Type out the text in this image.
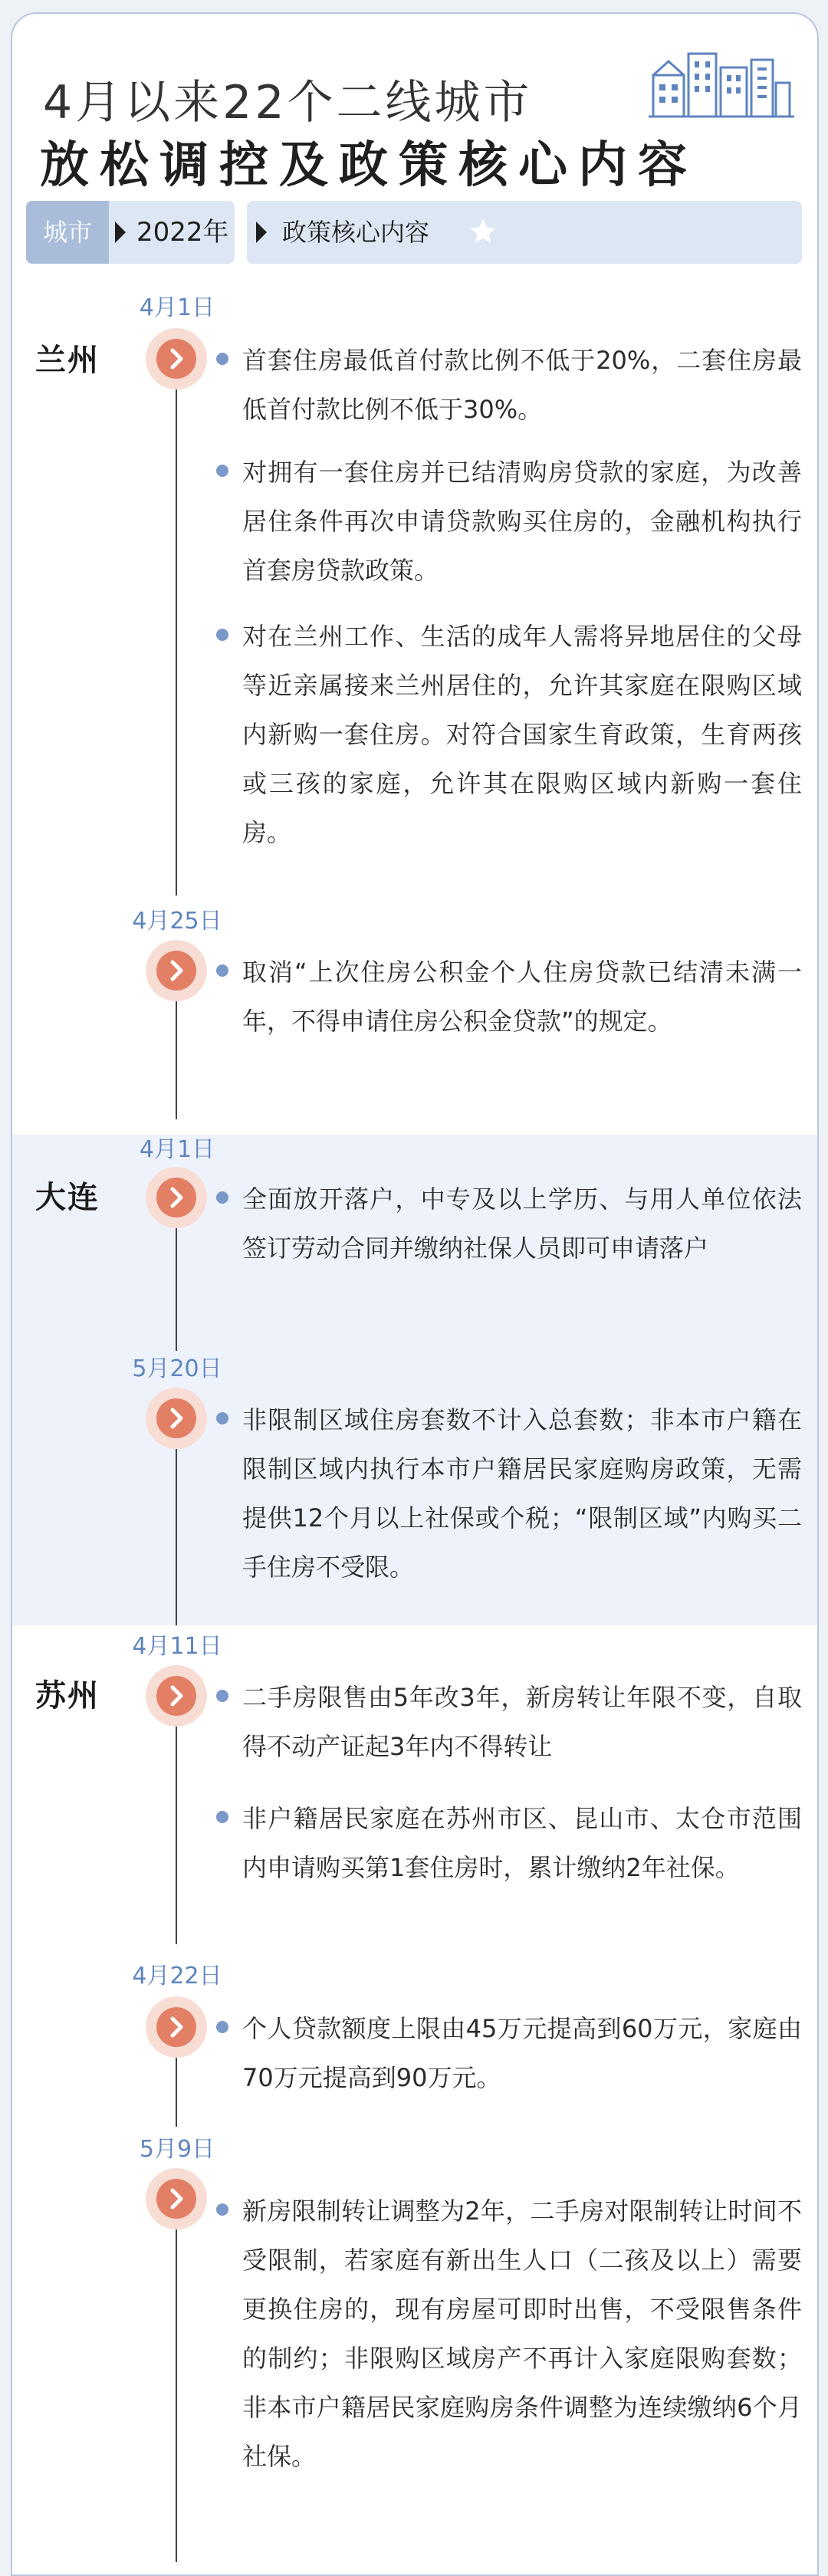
4月以来22个二线城市
放松调控及政策核心内容
城市	2022年	政策核心内容
兰州
4月1日
首套住房最低首付款比例不低于20%，二套住房最低首付款比例不低于30%。
对拥有一套住房并已结清购房贷款的家庭，为改善居住条件再次申请贷款购买住房的，金融机构执行首套房贷款政策。
对在兰州工作、生活的成年人需将异地居住的父母等近亲属接来兰州居住的，允许其家庭在限购区域内新购一套住房。对符合国家生育政策，生育两孩或三孩的家庭，允许其在限购区域内新购一套住房。
4月25日
取消“上次住房公积金个人住房贷款已结清未满一年，不得申请住房公积金贷款”的规定。
大连
4月1日
全面放开落户，中专及以上学历、与用人单位依法签订劳动合同并缴纳社保人员即可申请落户
5月20日
非限制区域住房套数不计入总套数；非本市户籍在限制区域内执行本市户籍居民家庭购房政策，无需提供12个月以上社保或个税；“限制区域”内购买二手住房不受限。
苏州
4月11日
二手房限售由5年改3年，新房转让年限不变，自取得不动产证起3年内不得转让
非户籍居民家庭在苏州市区、昆山市、太仓市范围内申请购买第1套住房时，累计缴纳2年社保。
4月22日
个人贷款额度上限由45万元提高到60万元，家庭由70万元提高到90万元。
5月9日
新房限制转让调整为2年，二手房对限制转让时间不受限制，若家庭有新出生人口（二孩及以上）需要更换住房的，现有房屋可即时出售，不受限售条件的制约；非限购区域房产不再计入家庭限购套数；非本市户籍居民家庭购房条件调整为连续缴纳6个月社保。
